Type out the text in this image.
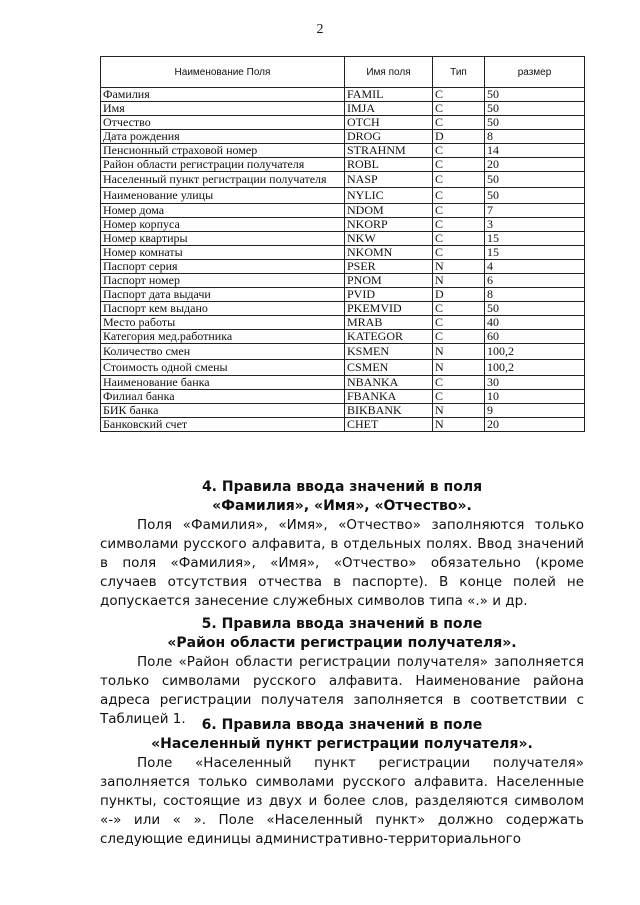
2
Наименование Поля	Имя поля	Тип	размер
Фамилия	FAMIL	C	50
Имя	IMJA	C	50
Отчество	OTCH	C	50
Дата рождения	DROG	D	8
Пенсионный страховой номер	STRAHNM	C	14
Район области регистрации получателя	ROBL	C	20
Населенный пункт регистрации получателя	NASP	C	50
Наименование улицы	NYLIC	C	50
Номер дома	NDOM	C	7
Номер корпуса	NKORP	C	3
Номер квартиры	NKW	C	15
Номер комнаты	NKOMN	C	15
Паспорт серия	PSER	N	4
Паспорт номер	PNOM	N	6
Паспорт дата выдачи	PVID	D	8
Паспорт кем выдано	PKEMVID	C	50
Место работы	MRAB	C	40
Категория мед.работника	KATEGOR	C	60
Количество смен	KSMEN	N	100,2
Стоимость одной смены	CSMEN	N	100,2
Наименование банка	NBANKA	C	30
Филиал банка	FBANKA	C	10
БИК банка	BIKBANK	N	9
Банковский счет	CHET	N	20
4. Правила ввода значений в поля
«Фамилия», «Имя», «Отчество».

Поля «Фамилия», «Имя», «Отчество» заполняются только символами русского алфавита, в отдельных полях. Ввод значений в поля «Фамилия», «Имя», «Отчество» обязательно (кроме случаев отсутствия отчества в паспорте). В конце полей не допускается занесение служебных символов типа «.» и др.

5. Правила ввода значений в поле
«Район области регистрации получателя».

Поле «Район области регистрации получателя» заполняется только символами русского алфавита. Наименование района адреса регистрации получателя заполняется в соответствии с Таблицей 1.	6. Правила ввода значений в поле
«Населенный пункт регистрации получателя».

Поле «Населенный пункт регистрации получателя» заполняется только символами русского алфавита. Населенные пункты, состоящие из двух и более слов, разделяются символом «-» или « ». Поле «Населенный пункт» должно содержать следующие единицы административно-территориального
